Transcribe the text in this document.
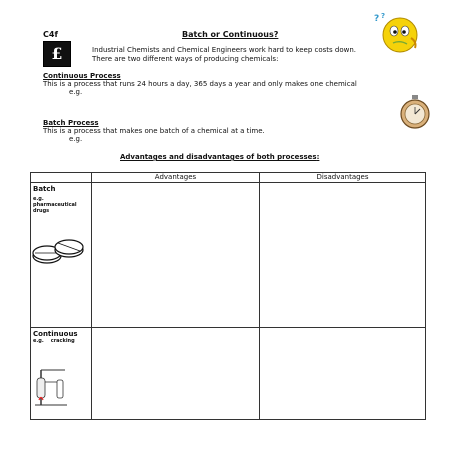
C4f	Batch or Continuous?
? ?
£	Industrial Chemists and Chemical Engineers work hard to keep costs down.
There are two different ways of producing chemicals:
Continuous Process
This is a process that runs 24 hours a day, 365 days a year and only makes one chemical
e.g.
Batch Process
This is a process that makes one batch of a chemical at a time.
e.g.
Advantages and disadvantages of both processes:
	Advantages	Disadvantages

Batch
e.g.
pharmaceutical
drugs		

Continuous
e.g.    cracking		
